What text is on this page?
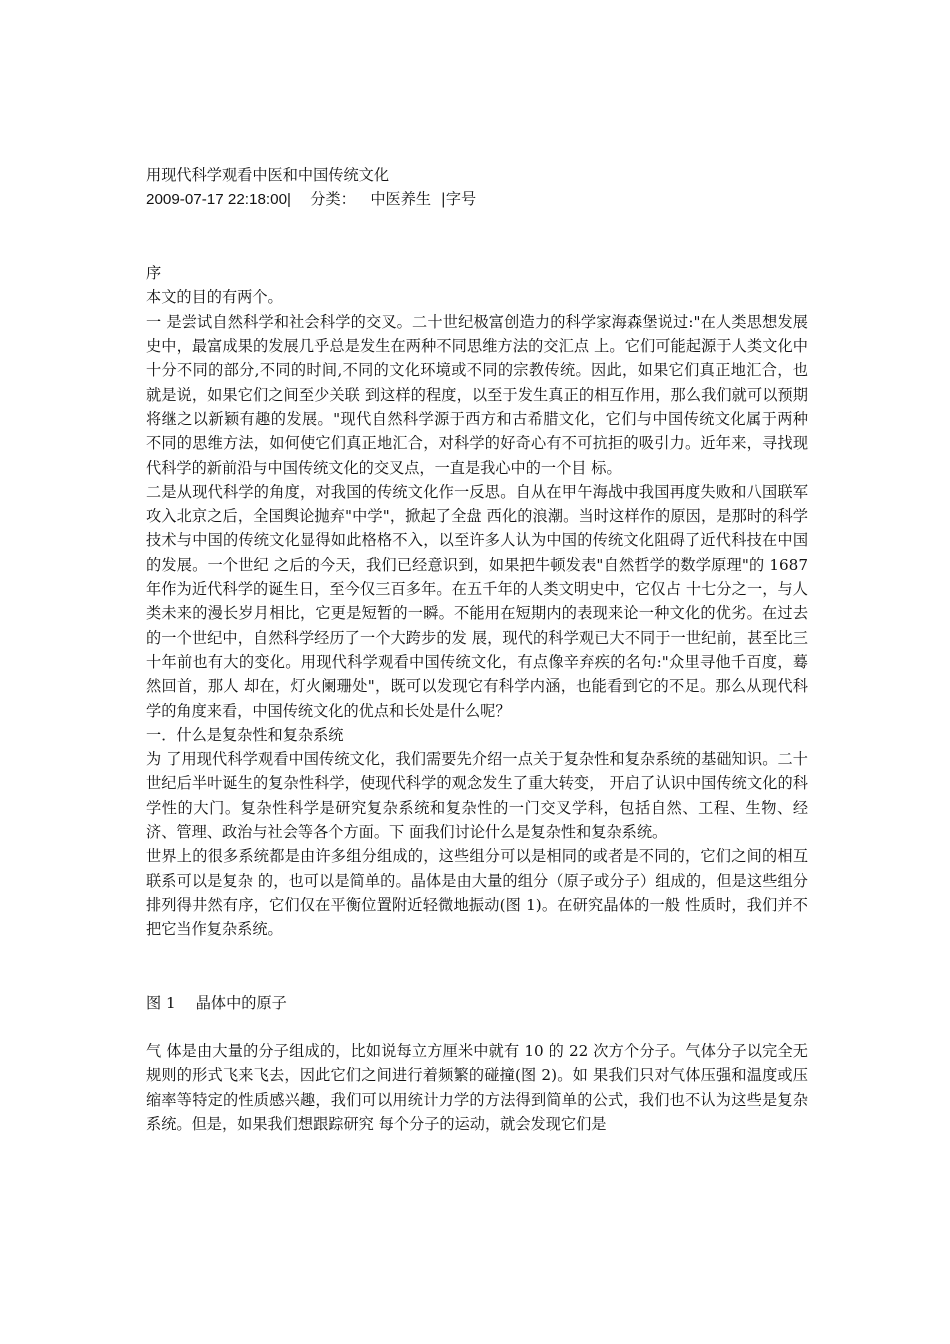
用现代科学观看中医和中国传统文化

2009-07-17 22:18:00| 分类： 中医养生 |字号

序

本文的目的有两个。

一 是尝试自然科学和社会科学的交叉。二十世纪极富创造力的科学家海森堡说过:"在人类思想发展史中，最富成果的发展几乎总是发生在两种不同思维方法的交汇点 上。它们可能起源于人类文化中十分不同的部分,不同的时间,不同的文化环境或不同的宗教传统。因此，如果它们真正地汇合，也就是说，如果它们之间至少关联 到这样的程度，以至于发生真正的相互作用，那么我们就可以预期将继之以新颖有趣的发展。"现代自然科学源于西方和古希腊文化，它们与中国传统文化属于两种 不同的思维方法，如何使它们真正地汇合，对科学的好奇心有不可抗拒的吸引力。近年来，寻找现代科学的新前沿与中国传统文化的交叉点，一直是我心中的一个目 标。

二是从现代科学的角度，对我国的传统文化作一反思。自从在甲午海战中我国再度失败和八国联军攻入北京之后，全国舆论抛弃"中学"，掀起了全盘 西化的浪潮。当时这样作的原因，是那时的科学技术与中国的传统文化显得如此格格不入，以至许多人认为中国的传统文化阻碍了近代科技在中国的发展。一个世纪 之后的今天，我们已经意识到，如果把牛顿发表"自然哲学的数学原理"的 1687 年作为近代科学的诞生日，至今仅三百多年。在五千年的人类文明史中，它仅占 十七分之一，与人类未来的漫长岁月相比，它更是短暂的一瞬。不能用在短期内的表现来论一种文化的优劣。在过去的一个世纪中，自然科学经历了一个大跨步的发 展，现代的科学观已大不同于一世纪前，甚至比三十年前也有大的变化。用现代科学观看中国传统文化，有点像辛弃疾的名句:"众里寻他千百度，蓦然回首，那人 却在，灯火阑珊处"，既可以发现它有科学内涵，也能看到它的不足。那么从现代科学的角度来看，中国传统文化的优点和长处是什么呢？

一．什么是复杂性和复杂系统

为 了用现代科学观看中国传统文化，我们需要先介绍一点关于复杂性和复杂系统的基础知识。二十世纪后半叶诞生的复杂性科学，使现代科学的观念发生了重大转变， 开启了认识中国传统文化的科学性的大门。复杂性科学是研究复杂系统和复杂性的一门交叉学科，包括自然、工程、生物、经济、管理、政治与社会等各个方面。下 面我们讨论什么是复杂性和复杂系统。

世界上的很多系统都是由许多组分组成的，这些组分可以是相同的或者是不同的，它们之间的相互联系可以是复杂 的，也可以是简单的。晶体是由大量的组分（原子或分子）组成的，但是这些组分排列得井然有序，它们仅在平衡位置附近轻微地振动(图 1)。在研究晶体的一般 性质时，我们并不把它当作复杂系统。

图 1　 晶体中的原子

气 体是由大量的分子组成的，比如说每立方厘米中就有 10 的 22 次方个分子。气体分子以完全无规则的形式飞来飞去，因此它们之间进行着频繁的碰撞(图 2)。如 果我们只对气体压强和温度或压缩率等特定的性质感兴趣，我们可以用统计力学的方法得到简单的公式，我们也不认为这些是复杂系统。但是，如果我们想跟踪研究 每个分子的运动，就会发现它们是
